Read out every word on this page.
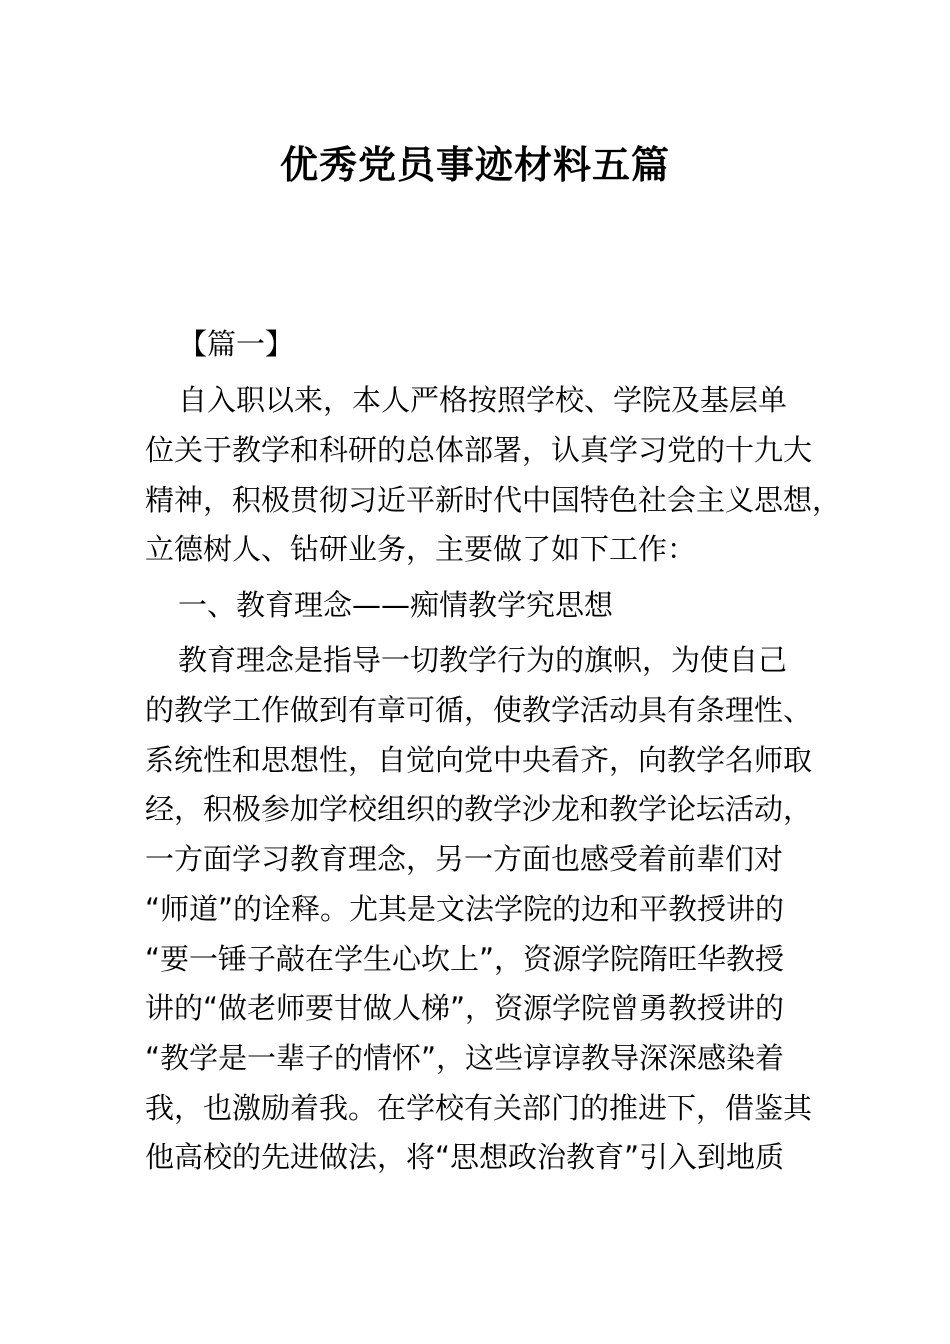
优秀党员事迹材料五篇
【篇一】
自入职以来，本人严格按照学校、学院及基层单
位关于教学和科研的总体部署，认真学习党的十九大
精神，积极贯彻习近平新时代中国特色社会主义思想，
立德树人、钻研业务，主要做了如下工作：
一、教育理念——痴情教学究思想
教育理念是指导一切教学行为的旗帜，为使自己
的教学工作做到有章可循，使教学活动具有条理性、
系统性和思想性，自觉向党中央看齐，向教学名师取
经，积极参加学校组织的教学沙龙和教学论坛活动，
一方面学习教育理念，另一方面也感受着前辈们对
“师道”的诠释。尤其是文法学院的边和平教授讲的
“要一锤子敲在学生心坎上”，资源学院隋旺华教授
讲的“做老师要甘做人梯”，资源学院曾勇教授讲的
“教学是一辈子的情怀”，这些谆谆教导深深感染着
我，也激励着我。在学校有关部门的推进下，借鉴其
他高校的先进做法，将“思想政治教育”引入到地质
